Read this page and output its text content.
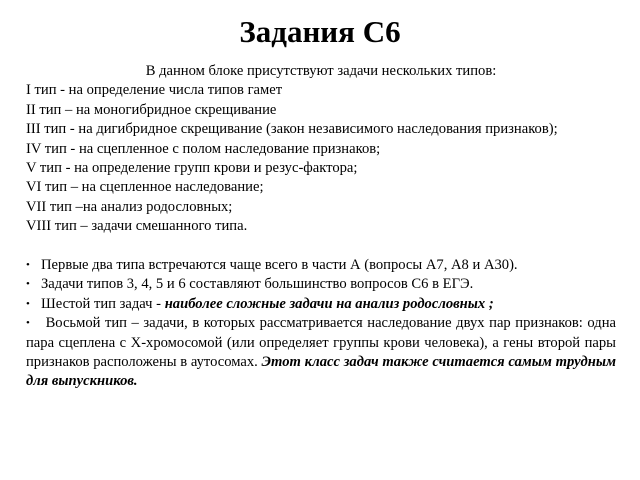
Задания С6

В данном блоке присутствуют задачи нескольких типов:

I тип - на определение числа типов гамет

II тип – на моногибридное скрещивание

III тип - на дигибридное скрещивание (закон независимого наследования признаков);

IV тип - на сцепленное с полом наследование признаков;

V тип - на определение групп крови и резус-фактора;

VI тип – на сцепленное наследование;

VII тип –на анализ родословных;

VIII тип – задачи смешанного типа.

• Первые два типа встречаются чаще всего в части А (вопросы А7, А8 и А30).

• Задачи типов 3, 4, 5 и 6 составляют большинство вопросов С6 в ЕГЭ.

• Шестой тип задач - наиболее сложные задачи на анализ родословных ;

• Восьмой тип – задачи, в которых рассматривается наследование двух пар признаков: одна пара сцеплена с Х-хромосомой (или определяет группы крови человека), а гены второй пары признаков расположены в аутосомах. Этот класс задач также считается самым трудным для выпускников.
